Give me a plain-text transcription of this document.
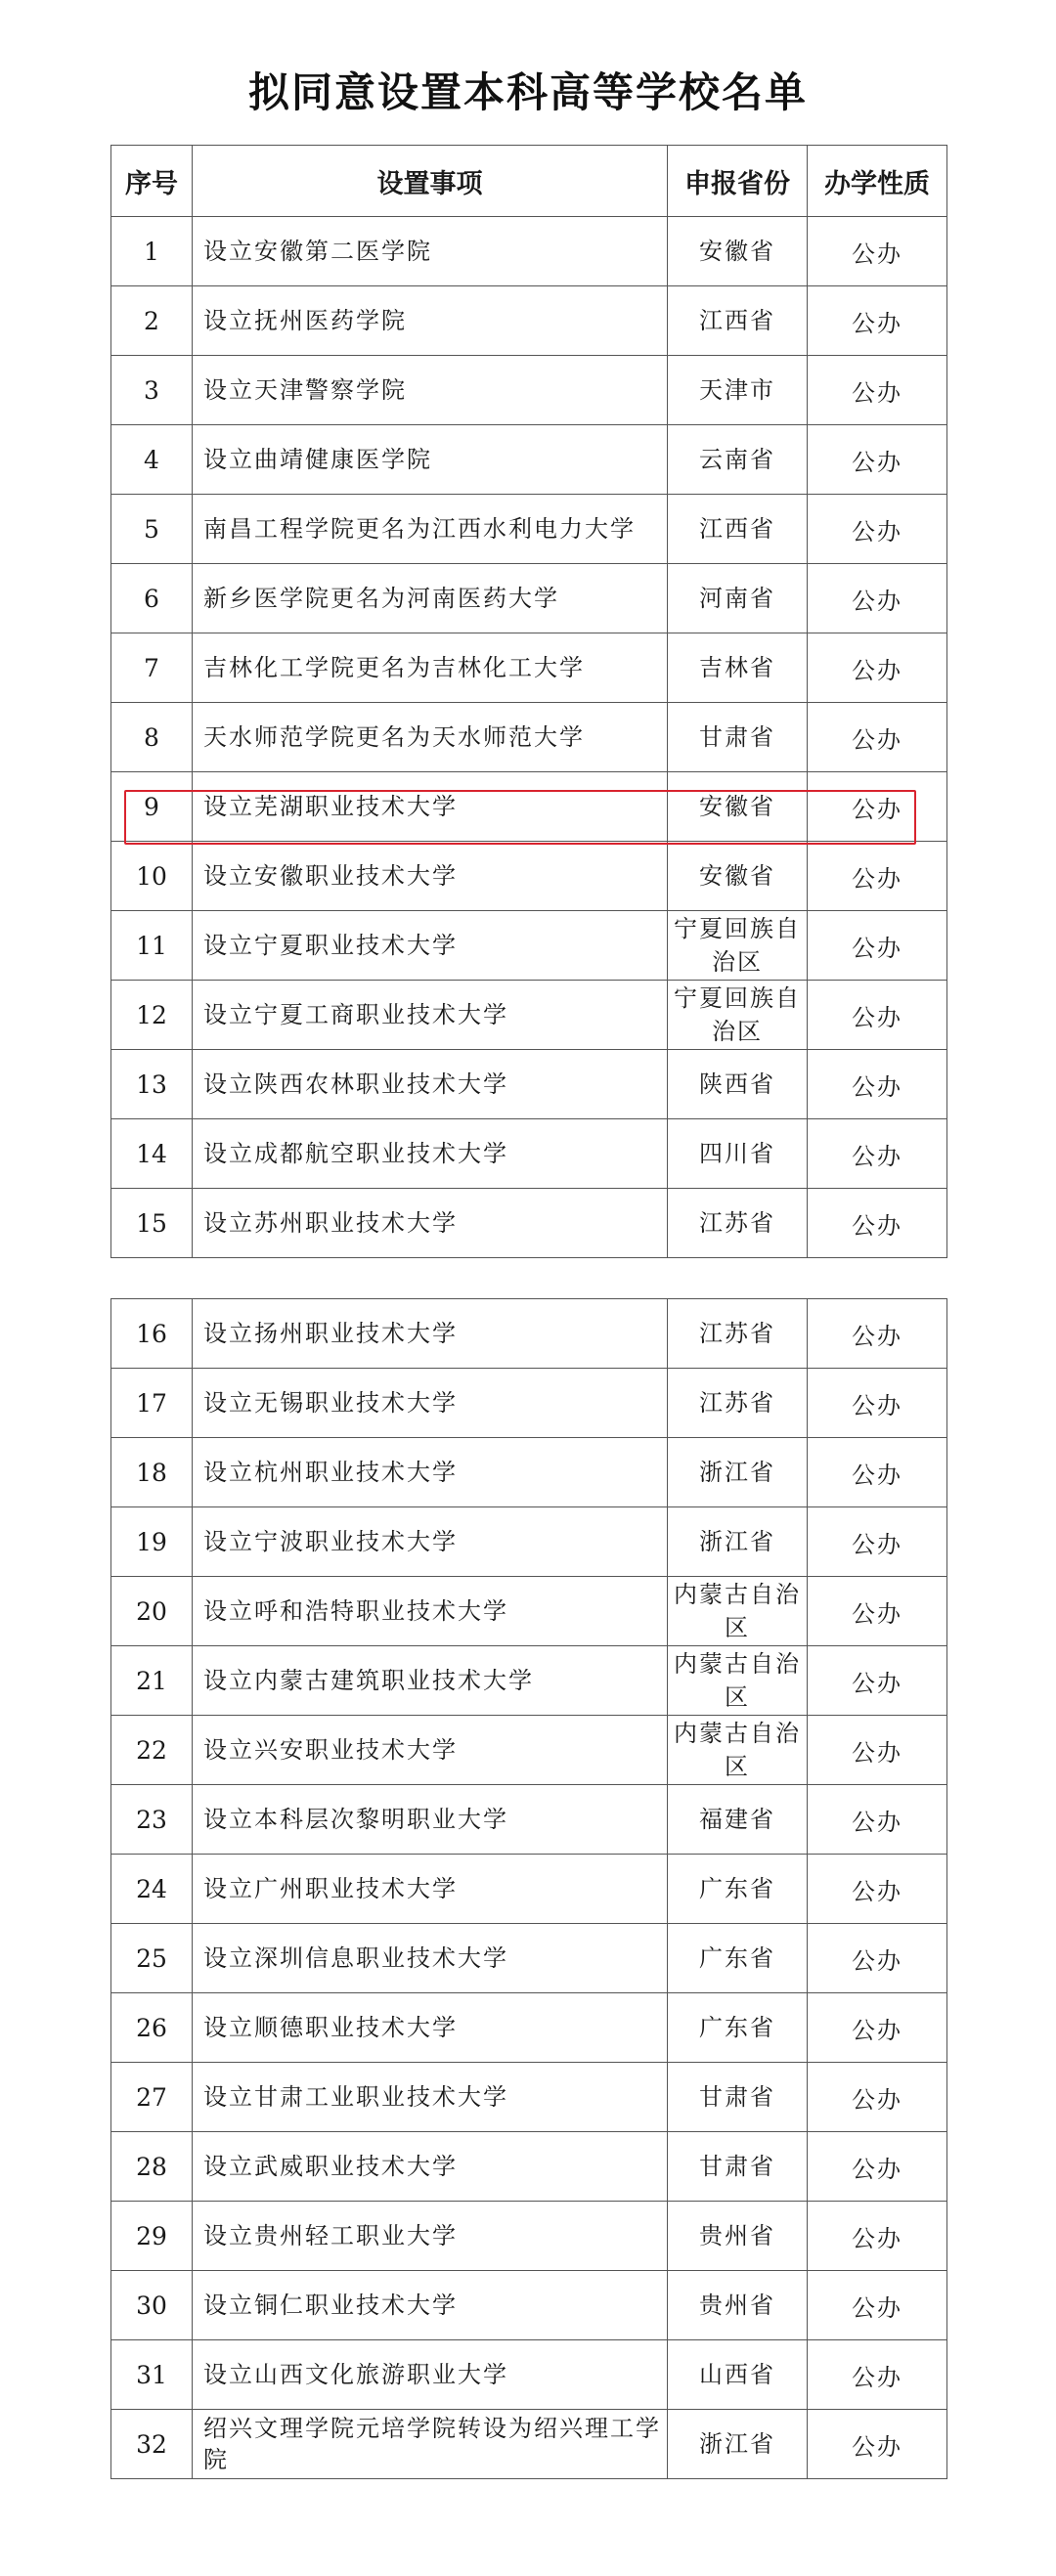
拟同意设置本科高等学校名单
序号	设置事项	申报省份	办学性质
1	设立安徽第二医学院	安徽省	公办
2	设立抚州医药学院	江西省	公办
3	设立天津警察学院	天津市	公办
4	设立曲靖健康医学院	云南省	公办
5	南昌工程学院更名为江西水利电力大学	江西省	公办
6	新乡医学院更名为河南医药大学	河南省	公办
7	吉林化工学院更名为吉林化工大学	吉林省	公办
8	天水师范学院更名为天水师范大学	甘肃省	公办
9	设立芜湖职业技术大学	安徽省	公办
10	设立安徽职业技术大学	安徽省	公办
11	设立宁夏职业技术大学	宁夏回族自治区	公办
12	设立宁夏工商职业技术大学	宁夏回族自治区	公办
13	设立陕西农林职业技术大学	陕西省	公办
14	设立成都航空职业技术大学	四川省	公办
15	设立苏州职业技术大学	江苏省	公办
16	设立扬州职业技术大学	江苏省	公办
17	设立无锡职业技术大学	江苏省	公办
18	设立杭州职业技术大学	浙江省	公办
19	设立宁波职业技术大学	浙江省	公办
20	设立呼和浩特职业技术大学	内蒙古自治区	公办
21	设立内蒙古建筑职业技术大学	内蒙古自治区	公办
22	设立兴安职业技术大学	内蒙古自治区	公办
23	设立本科层次黎明职业大学	福建省	公办
24	设立广州职业技术大学	广东省	公办
25	设立深圳信息职业技术大学	广东省	公办
26	设立顺德职业技术大学	广东省	公办
27	设立甘肃工业职业技术大学	甘肃省	公办
28	设立武威职业技术大学	甘肃省	公办
29	设立贵州轻工职业大学	贵州省	公办
30	设立铜仁职业技术大学	贵州省	公办
31	设立山西文化旅游职业大学	山西省	公办
32	绍兴文理学院元培学院转设为绍兴理工学院	浙江省	公办
